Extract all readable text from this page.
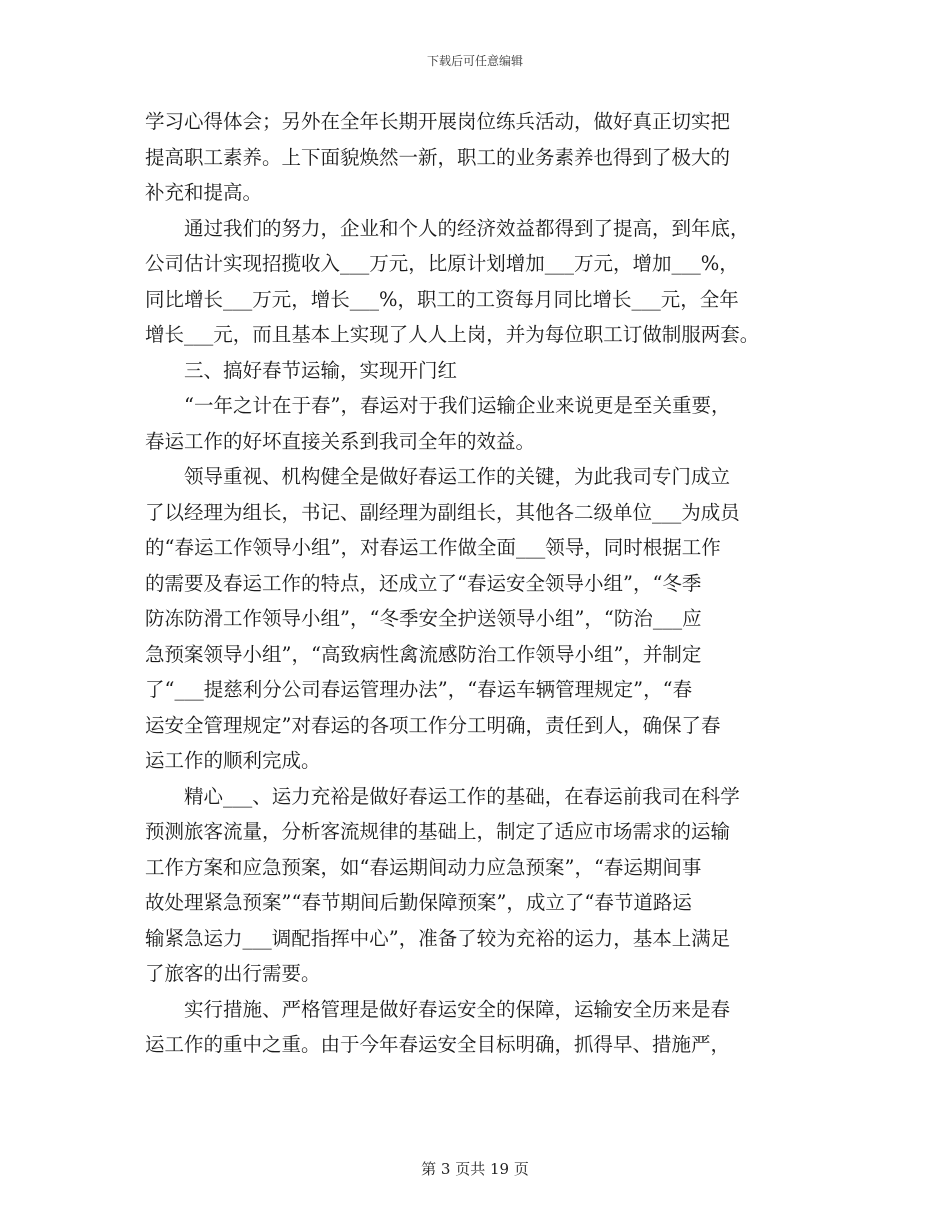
下载后可任意编辑
学习心得体会；另外在全年长期开展岗位练兵活动，做好真正切实把
提高职工素养。上下面貌焕然一新，职工的业务素养也得到了极大的
补充和提高。
　　通过我们的努力，企业和个人的经济效益都得到了提高，到年底，
公司估计实现招揽收入___万元，比原计划增加___万元，增加___%，
同比增长___万元，增长___%，职工的工资每月同比增长___元，全年
增长___元，而且基本上实现了人人上岗，并为每位职工订做制服两套。
　　三、搞好春节运输，实现开门红
　　“一年之计在于春”，春运对于我们运输企业来说更是至关重要，
春运工作的好坏直接关系到我司全年的效益。
　　领导重视、机构健全是做好春运工作的关键，为此我司专门成立
了以经理为组长，书记、副经理为副组长，其他各二级单位___为成员
的“春运工作领导小组”，对春运工作做全面___领导，同时根据工作
的需要及春运工作的特点，还成立了“春运安全领导小组”，“冬季
防冻防滑工作领导小组”，“冬季安全护送领导小组”，“防治___应
急预案领导小组”，“高致病性禽流感防治工作领导小组”，并制定
了“___提慈利分公司春运管理办法”，“春运车辆管理规定”，“春
运安全管理规定”对春运的各项工作分工明确，责任到人，确保了春
运工作的顺利完成。
　　精心___、运力充裕是做好春运工作的基础，在春运前我司在科学
预测旅客流量，分析客流规律的基础上，制定了适应市场需求的运输
工作方案和应急预案，如“春运期间动力应急预案”，“春运期间事
故处理紧急预案”“春节期间后勤保障预案”，成立了“春节道路运
输紧急运力___调配指挥中心”，准备了较为充裕的运力，基本上满足
了旅客的出行需要。
　　实行措施、严格管理是做好春运安全的保障，运输安全历来是春
运工作的重中之重。由于今年春运安全目标明确，抓得早、措施严，
第 3 页共 19 页
